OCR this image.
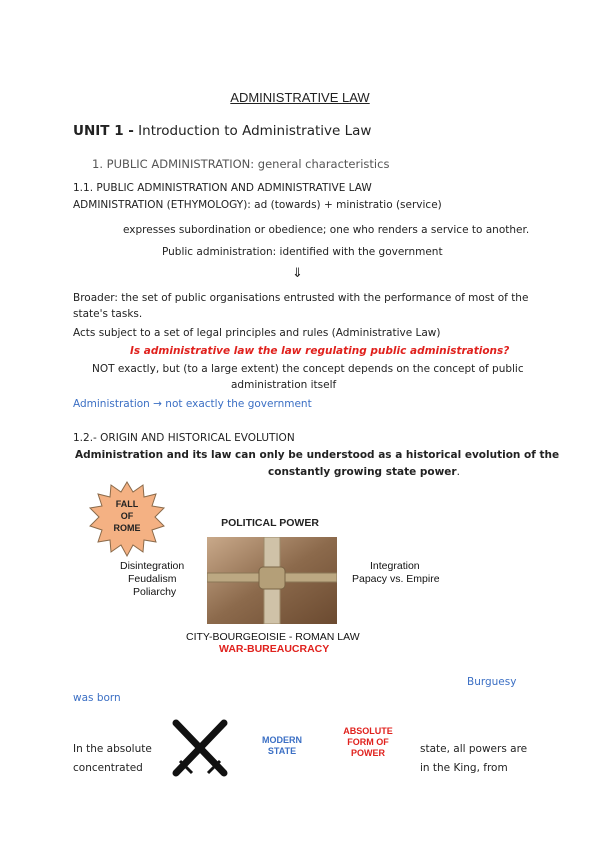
ADMINISTRATIVE LAW
UNIT 1 - Introduction to Administrative Law
1. PUBLIC ADMINISTRATION: general characteristics
1.1. PUBLIC ADMINISTRATION AND ADMINISTRATIVE LAW
ADMINISTRATION (ETHYMOLOGY): ad (towards) + ministratio (service)
expresses subordination or obedience; one who renders a service to another.
Public administration: identified with the government
⇓
Broader: the set of public organisations entrusted with the performance of most of the
state's tasks.
Acts subject to a set of legal principles and rules (Administrative Law)
Is administrative law the law regulating public administrations?
NOT exactly, but (to a large extent) the concept depends on the concept of public
administration itself
Administration → not exactly the government
1.2.- ORIGIN AND HISTORICAL EVOLUTION
Administration and its law can only be understood as a historical evolution of the
constantly growing state power.
FALL
OF
ROME	POLITICAL POWER
Disintegration
Feudalism
Poliarchy
Integration
Papacy vs. Empire
CITY-BOURGEOISIE - ROMAN LAW
WAR-BUREAUCRACY
Burguesy
was born
In the absolute
concentrated
MODERN
STATE
ABSOLUTE
FORM OF
POWER	state, all powers are
in the King, from
